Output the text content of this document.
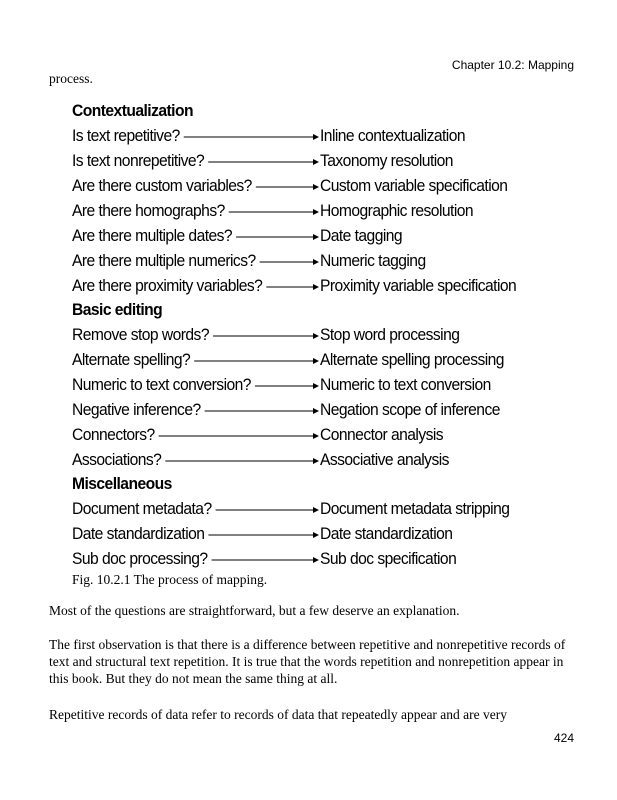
Chapter 10.2: Mapping
process.
Contextualization
Is text repetitive?	Inline contextualization
Is text nonrepetitive?	Taxonomy resolution
Are there custom variables?	Custom variable specification
Are there homographs?	Homographic resolution
Are there multiple dates?	Date tagging
Are there multiple numerics?	Numeric tagging
Are there proximity variables?	Proximity variable specification
Basic editing
Remove stop words?	Stop word processing
Alternate spelling?	Alternate spelling processing
Numeric to text conversion?	Numeric to text conversion
Negative inference?	Negation scope of inference
Connectors?	Connector analysis
Associations?	Associative analysis
Miscellaneous
Document metadata?	Document metadata stripping
Date standardization	Date standardization
Sub doc processing?	Sub doc specification
Fig. 10.2.1 The process of mapping.
Most of the questions are straightforward, but a few deserve an explanation.
The first observation is that there is a difference between repetitive and nonrepetitive records of text and structural text repetition. It is true that the words repetition and nonrepetition appear in this book. But they do not mean the same thing at all.
Repetitive records of data refer to records of data that repeatedly appear and are very
424
